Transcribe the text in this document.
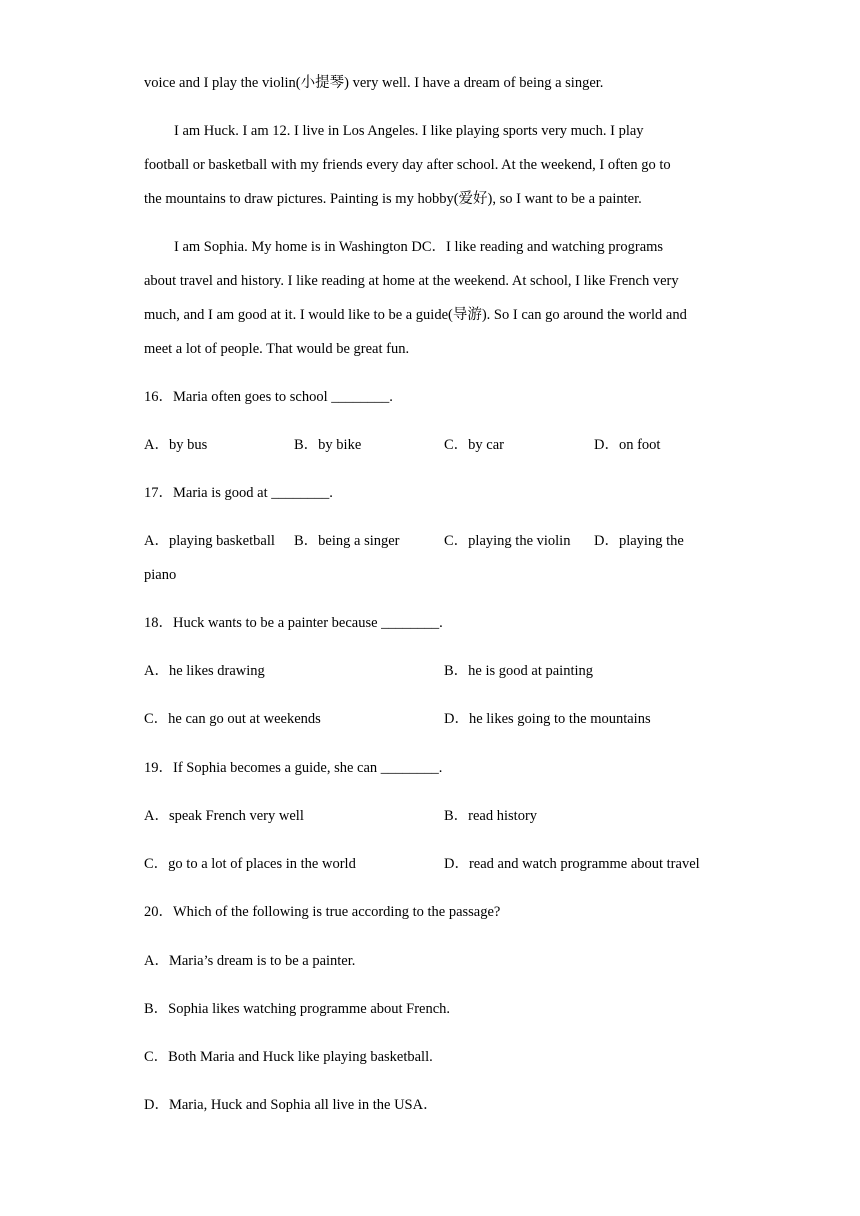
voice and I play the violin(小提琴) very well. I have a dream of being a singer.
I am Huck. I am 12. I live in Los Angeles. I like playing sports very much. I play
football or basketball with my friends every day after school. At the weekend, I often go to
the mountains to draw pictures. Painting is my hobby(爱好), so I want to be a painter.
I am Sophia. My home is in Washington DC．I like reading and watching programs
about travel and history. I like reading at home at the weekend. At school, I like French very
much, and I am good at it. I would like to be a guide(导游). So I can go around the world and
meet a lot of people. That would be great fun.
16．Maria often goes to school ________.
A．by bus	B．by bike	C．by car	D．on foot
17．Maria is good at ________.
A．playing basketball B．being a singer	C．playing the violin D．playing the
piano
18．Huck wants to be a painter because ________.
A．he likes drawing	B．he is good at painting
C．he can go out at weekends	D．he likes going to the mountains
19．If Sophia becomes a guide, she can ________.
A．speak French very well	B．read history
C．go to a lot of places in the world	D．read and watch programme about travel
20．Which of the following is true according to the passage?
A．Maria’s dream is to be a painter.
B．Sophia likes watching programme about French.
C．Both Maria and Huck like playing basketball.
D．Maria, Huck and Sophia all live in the USA．
